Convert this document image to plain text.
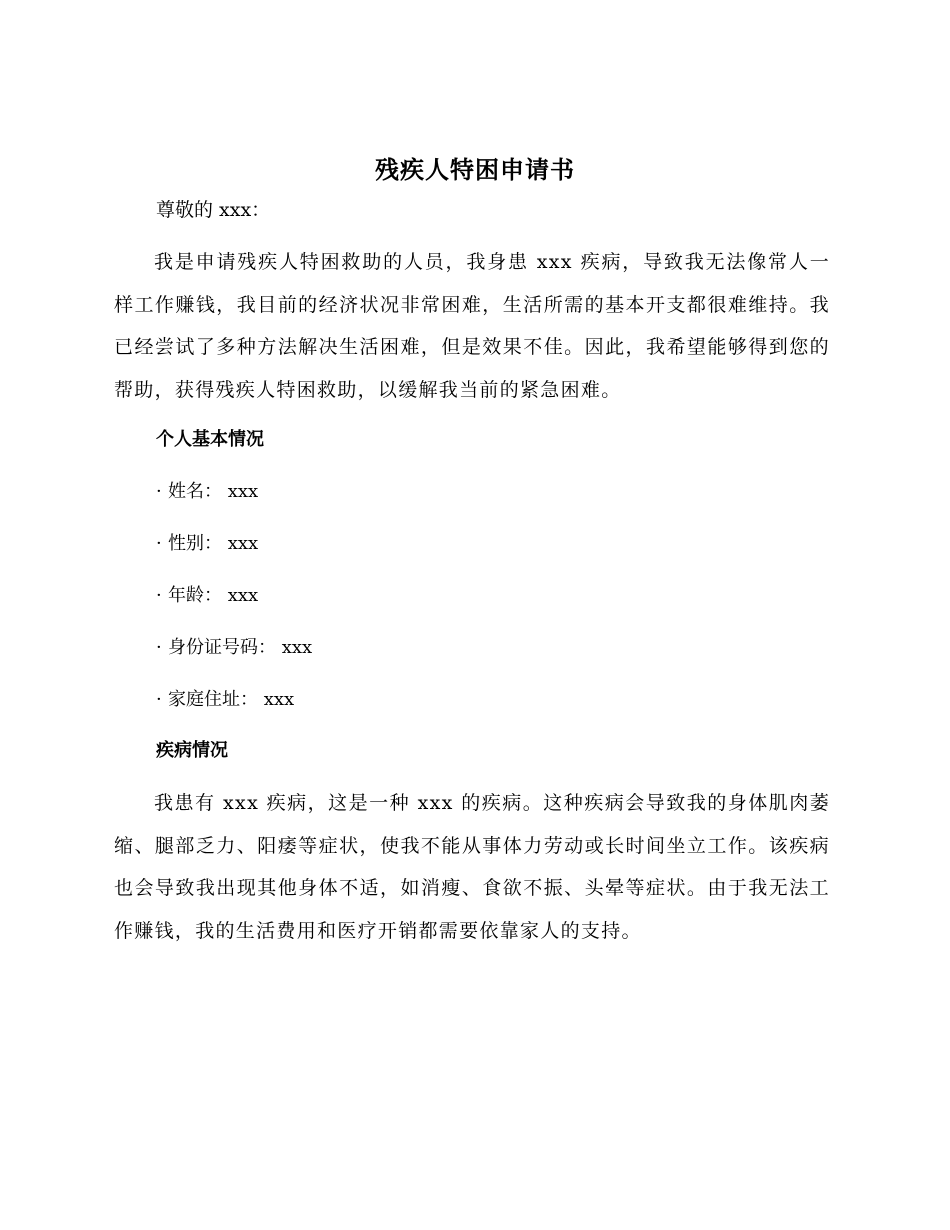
残疾人特困申请书
尊敬的 xxx：
我是申请残疾人特困救助的人员，我身患 xxx 疾病，导致我无法像常人一样工作赚钱，我目前的经济状况非常困难，生活所需的基本开支都很难维持。我已经尝试了多种方法解决生活困难，但是效果不佳。因此，我希望能够得到您的帮助，获得残疾人特困救助，以缓解我当前的紧急困难。
个人基本情况
· 姓名： xxx
· 性别： xxx
· 年龄： xxx
· 身份证号码： xxx
· 家庭住址： xxx
疾病情况
我患有 xxx 疾病，这是一种 xxx 的疾病。这种疾病会导致我的身体肌肉萎缩、腿部乏力、阳痿等症状，使我不能从事体力劳动或长时间坐立工作。该疾病也会导致我出现其他身体不适，如消瘦、食欲不振、头晕等症状。由于我无法工作赚钱，我的生活费用和医疗开销都需要依靠家人的支持。
